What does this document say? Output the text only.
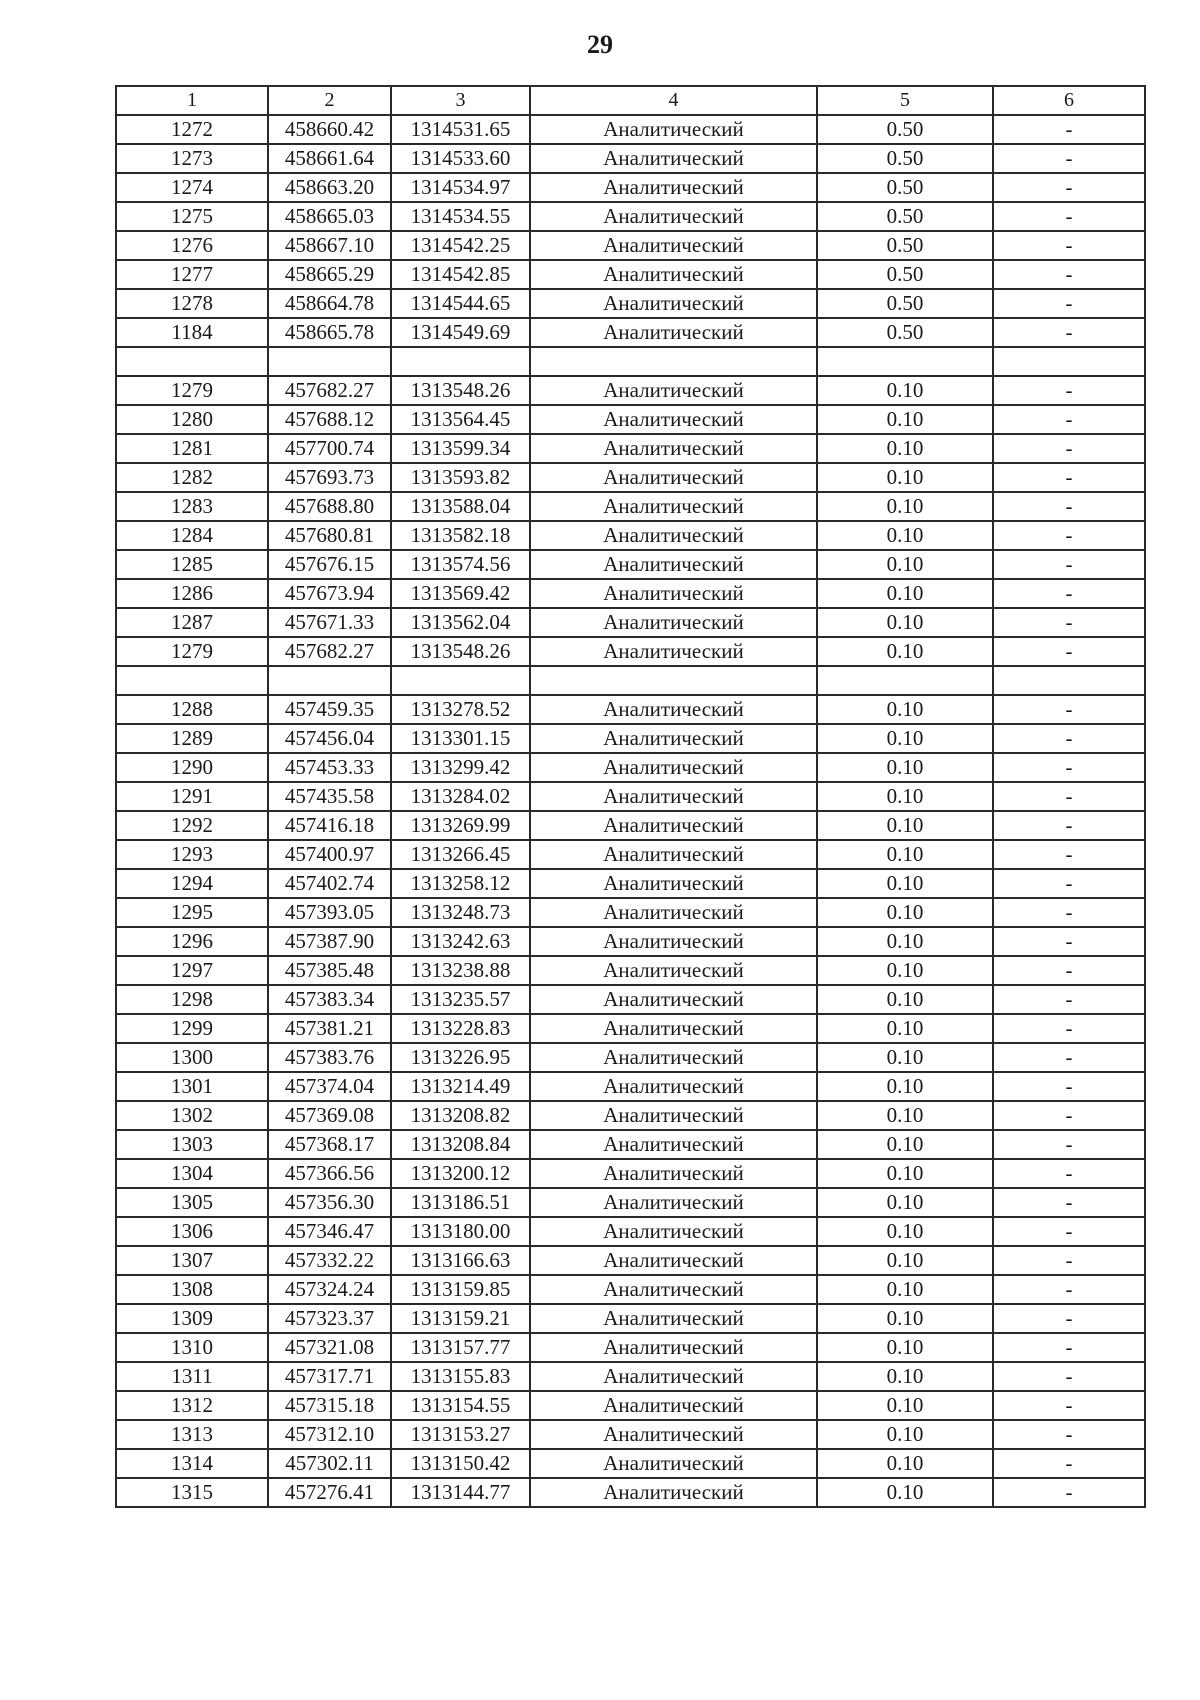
29
1	2	3	4	5	6
1272	458660.42	1314531.65	Аналитический	0.50	-
1273	458661.64	1314533.60	Аналитический	0.50	-
1274	458663.20	1314534.97	Аналитический	0.50	-
1275	458665.03	1314534.55	Аналитический	0.50	-
1276	458667.10	1314542.25	Аналитический	0.50	-
1277	458665.29	1314542.85	Аналитический	0.50	-
1278	458664.78	1314544.65	Аналитический	0.50	-
1184	458665.78	1314549.69	Аналитический	0.50	-

1279	457682.27	1313548.26	Аналитический	0.10	-
1280	457688.12	1313564.45	Аналитический	0.10	-
1281	457700.74	1313599.34	Аналитический	0.10	-
1282	457693.73	1313593.82	Аналитический	0.10	-
1283	457688.80	1313588.04	Аналитический	0.10	-
1284	457680.81	1313582.18	Аналитический	0.10	-
1285	457676.15	1313574.56	Аналитический	0.10	-
1286	457673.94	1313569.42	Аналитический	0.10	-
1287	457671.33	1313562.04	Аналитический	0.10	-
1279	457682.27	1313548.26	Аналитический	0.10	-

1288	457459.35	1313278.52	Аналитический	0.10	-
1289	457456.04	1313301.15	Аналитический	0.10	-
1290	457453.33	1313299.42	Аналитический	0.10	-
1291	457435.58	1313284.02	Аналитический	0.10	-
1292	457416.18	1313269.99	Аналитический	0.10	-
1293	457400.97	1313266.45	Аналитический	0.10	-
1294	457402.74	1313258.12	Аналитический	0.10	-
1295	457393.05	1313248.73	Аналитический	0.10	-
1296	457387.90	1313242.63	Аналитический	0.10	-
1297	457385.48	1313238.88	Аналитический	0.10	-
1298	457383.34	1313235.57	Аналитический	0.10	-
1299	457381.21	1313228.83	Аналитический	0.10	-
1300	457383.76	1313226.95	Аналитический	0.10	-
1301	457374.04	1313214.49	Аналитический	0.10	-
1302	457369.08	1313208.82	Аналитический	0.10	-
1303	457368.17	1313208.84	Аналитический	0.10	-
1304	457366.56	1313200.12	Аналитический	0.10	-
1305	457356.30	1313186.51	Аналитический	0.10	-
1306	457346.47	1313180.00	Аналитический	0.10	-
1307	457332.22	1313166.63	Аналитический	0.10	-
1308	457324.24	1313159.85	Аналитический	0.10	-
1309	457323.37	1313159.21	Аналитический	0.10	-
1310	457321.08	1313157.77	Аналитический	0.10	-
1311	457317.71	1313155.83	Аналитический	0.10	-
1312	457315.18	1313154.55	Аналитический	0.10	-
1313	457312.10	1313153.27	Аналитический	0.10	-
1314	457302.11	1313150.42	Аналитический	0.10	-
1315	457276.41	1313144.77	Аналитический	0.10	-
